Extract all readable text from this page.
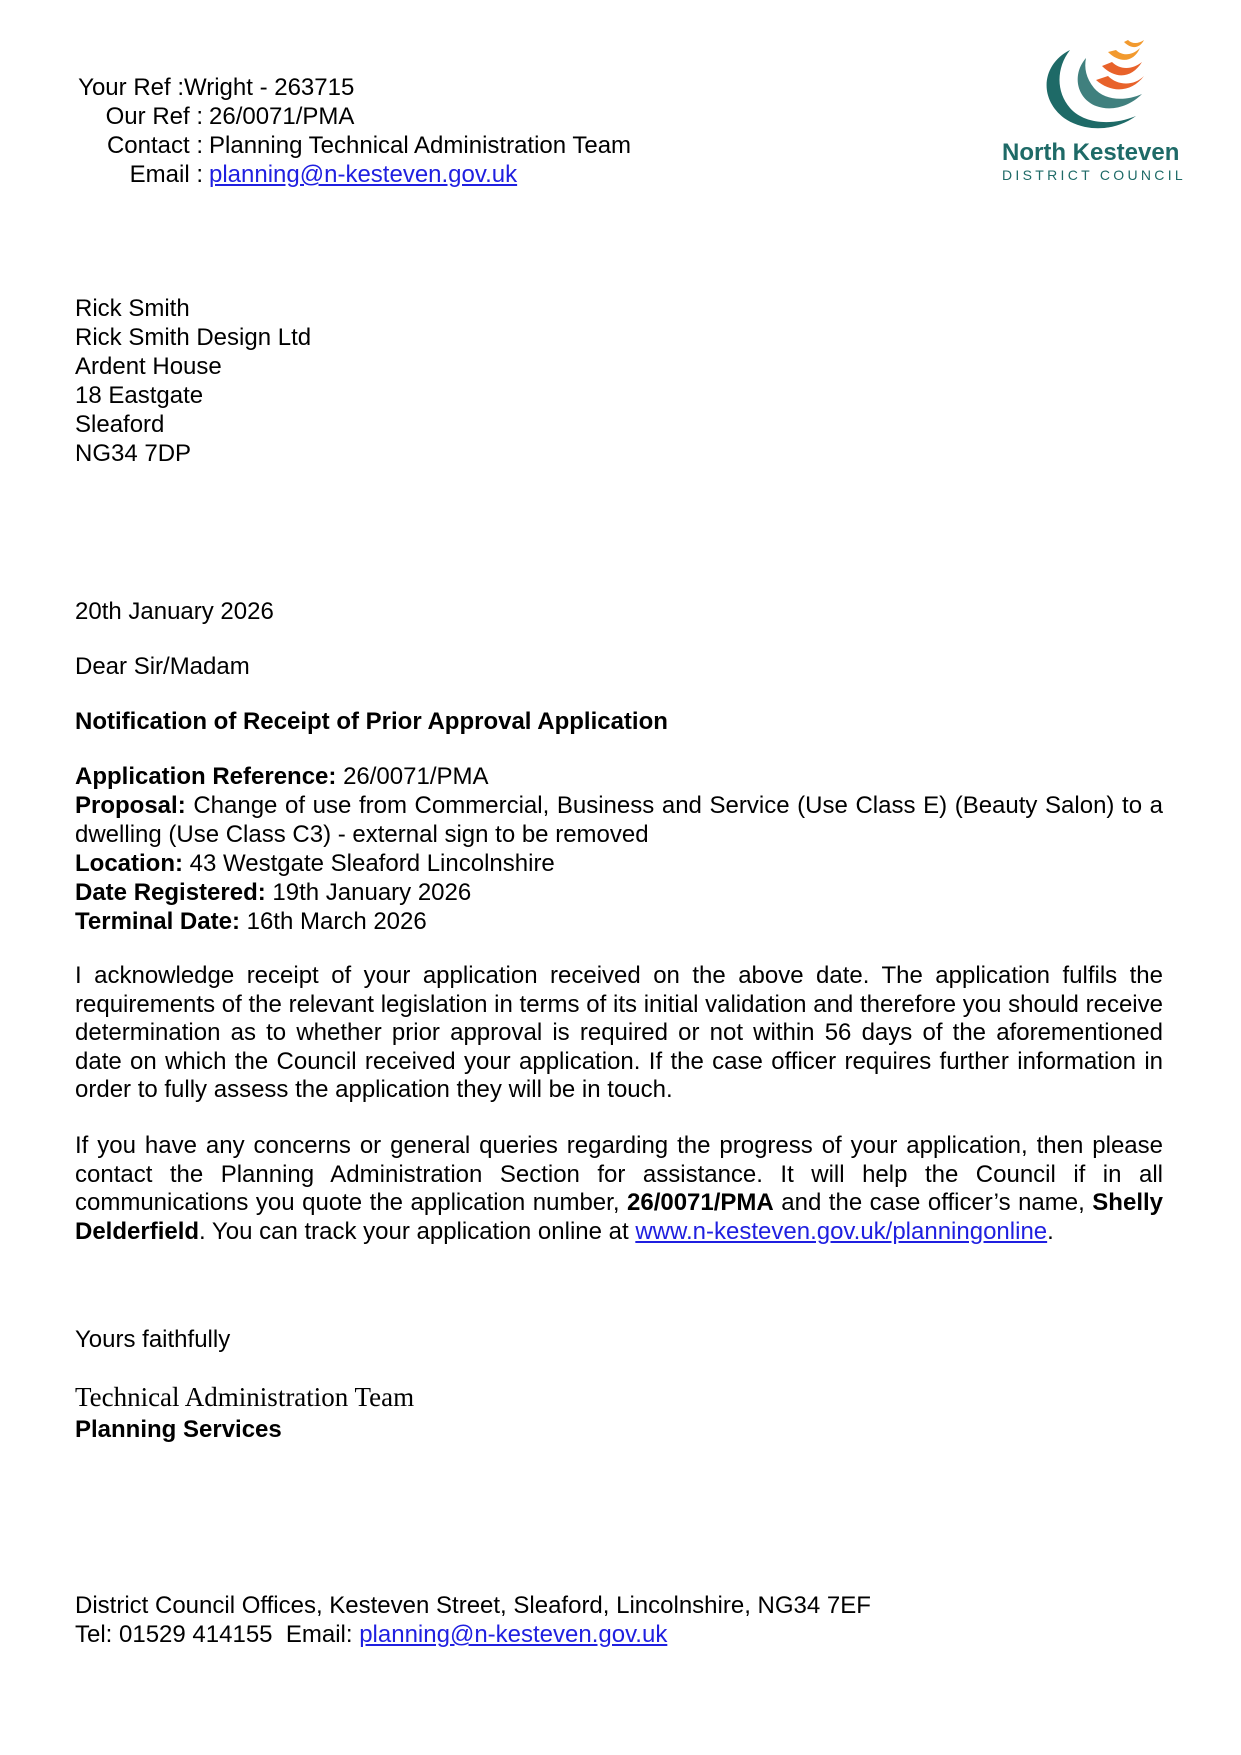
Your Ref : Wright - 263715
Our Ref : 26/0071/PMA
Contact : Planning Technical Administration Team
Email : planning@n-kesteven.gov.uk
North Kesteven
DISTRICT COUNCIL
Rick Smith
Rick Smith Design Ltd
Ardent House
18 Eastgate
Sleaford
NG34 7DP
20th January 2026
Dear Sir/Madam
Notification of Receipt of Prior Approval Application
Application Reference: 26/0071/PMA
Proposal: Change of use from Commercial, Business and Service (Use Class E) (Beauty Salon) to a dwelling (Use Class C3) - external sign to be removed
Location: 43 Westgate Sleaford Lincolnshire
Date Registered: 19th January 2026
Terminal Date: 16th March 2026
I acknowledge receipt of your application received on the above date. The application fulfils the requirements of the relevant legislation in terms of its initial validation and therefore you should receive determination as to whether prior approval is required or not within 56 days of the aforementioned date on which the Council received your application. If the case officer requires further information in order to fully assess the application they will be in touch.
If you have any concerns or general queries regarding the progress of your application, then please contact the Planning Administration Section for assistance. It will help the Council if in all communications you quote the application number, 26/0071/PMA and the case officer’s name, Shelly Delderfield. You can track your application online at www.n-kesteven.gov.uk/planningonline.
Yours faithfully
Technical Administration Team
Planning Services
District Council Offices, Kesteven Street, Sleaford, Lincolnshire, NG34 7EF
Tel: 01529 414155  Email: planning@n-kesteven.gov.uk
